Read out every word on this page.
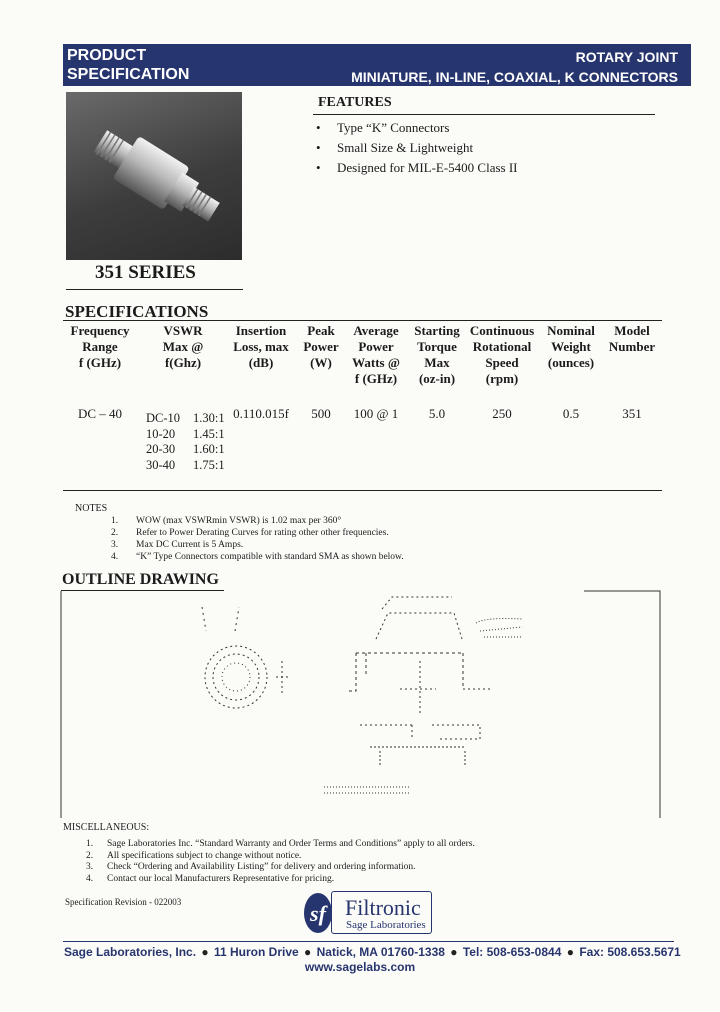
PRODUCT
SPECIFICATION
ROTARY JOINT
MINIATURE, IN-LINE, COAXIAL, K CONNECTORS
351 SERIES
FEATURES
• Type “K” Connectors
• Small Size & Lightweight
• Designed for MIL-E-5400 Class II
SPECIFICATIONS
Frequency
Range
f (GHz)
DC – 40
VSWR
Max @
f(Ghz)
DC-10 1.30:1
10-20 1.45:1
20-30 1.60:1
30-40 1.75:1
Insertion
Loss, max
(dB)
0.110.015f
Peak
Power
(W)
500
Average
Power
Watts @
f (GHz)
100 @ 1
Starting
Torque
Max
(oz-in)
5.0
Continuous
Rotational
Speed
(rpm)
250
Nominal
Weight
(ounces)
0.5
Model
Number
351
NOTES
1. WOW (max VSWRmin VSWR) is 1.02 max per 360°
2. Refer to Power Derating Curves for rating other other frequencies.
3. Max DC Current is 5 Amps.
4. “K” Type Connectors compatible with standard SMA as shown below.
OUTLINE DRAWING
MISCELLANEOUS:
1. Sage Laboratories Inc. “Standard Warranty and Order Terms and Conditions” apply to all orders.
2. All specifications subject to change without notice.
3. Check “Ordering and Availability Listing” for delivery and ordering information.
4. Contact our local Manufacturers Representative for pricing.
Specification Revision - 022003	sf Filtronic
Sage Laboratories
Sage Laboratories, Inc. ● 11 Huron Drive ● Natick, MA 01760-1338 ● Tel: 508-653-0844 ● Fax: 508.653.5671
www.sagelabs.com
